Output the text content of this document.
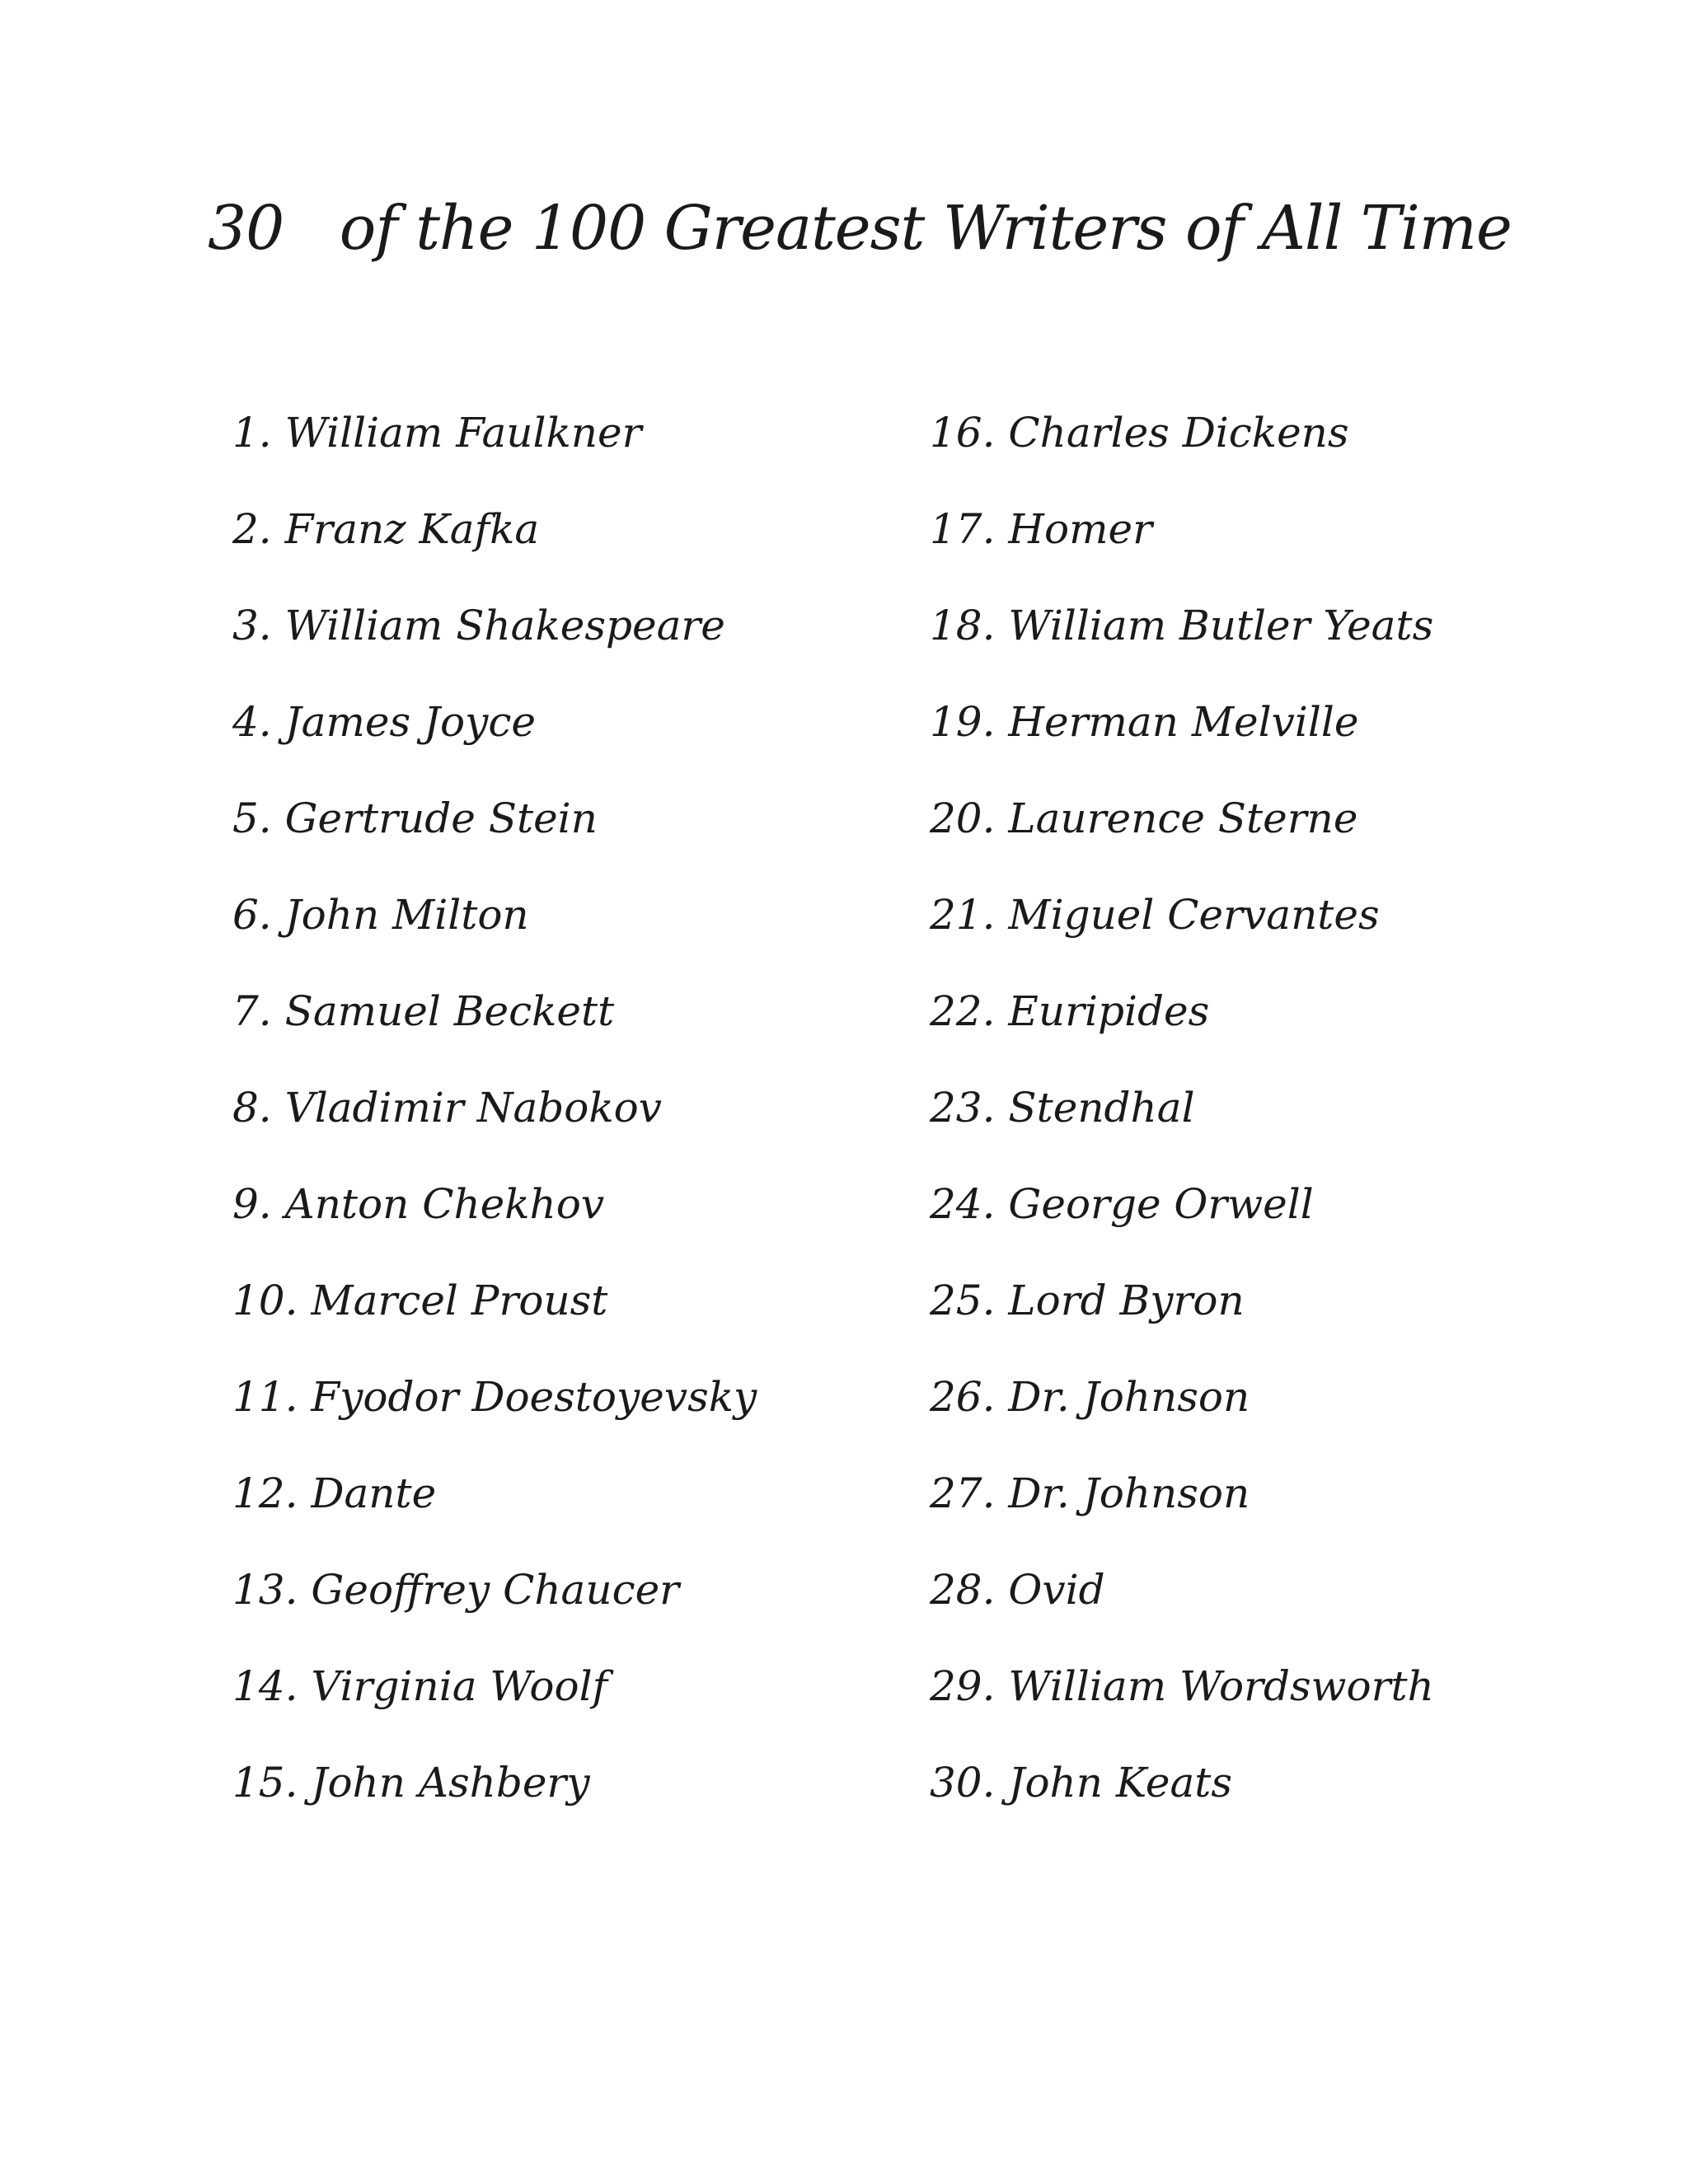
30   of the 100 Greatest Writers of All Time
1. William Faulkner
2. Franz Kafka
3. William Shakespeare
4. James Joyce
5. Gertrude Stein
6. John Milton
7. Samuel Beckett
8. Vladimir Nabokov
9. Anton Chekhov
10. Marcel Proust
11. Fyodor Doestoyevsky
12. Dante
13. Geoffrey Chaucer
14. Virginia Woolf
15. John Ashbery
16. Charles Dickens
17. Homer
18. William Butler Yeats
19. Herman Melville
20. Laurence Sterne
21. Miguel Cervantes
22. Euripides
23. Stendhal
24. George Orwell
25. Lord Byron
26. Dr. Johnson
27. Dr. Johnson
28. Ovid
29. William Wordsworth
30. John Keats
